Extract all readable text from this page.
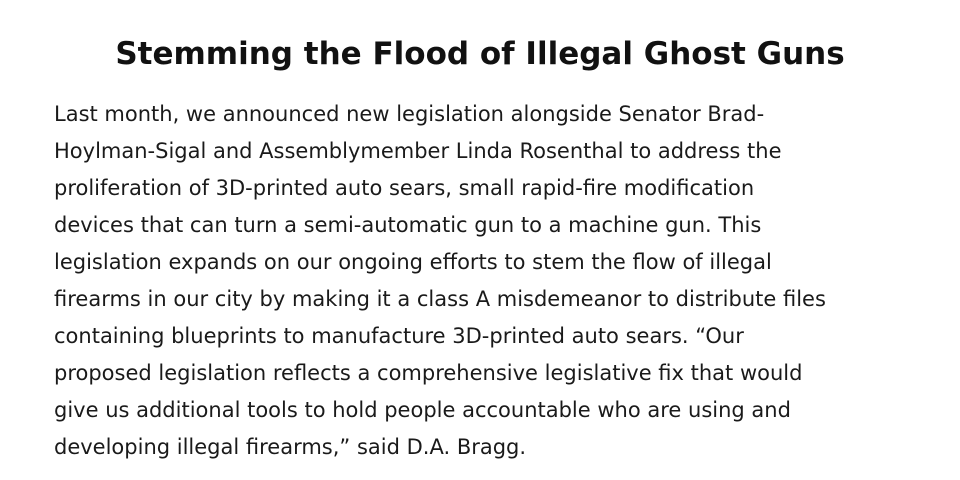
Stemming the Flood of Illegal Ghost Guns

Last month, we announced new legislation alongside Senator Brad-
Hoylman-Sigal and Assemblymember Linda Rosenthal to address the
proliferation of 3D-printed auto sears, small rapid-fire modification
devices that can turn a semi-automatic gun to a machine gun. This
legislation expands on our ongoing efforts to stem the flow of illegal
firearms in our city by making it a class A misdemeanor to distribute files
containing blueprints to manufacture 3D-printed auto sears. “Our
proposed legislation reflects a comprehensive legislative fix that would
give us additional tools to hold people accountable who are using and
developing illegal firearms,” said D.A. Bragg.
